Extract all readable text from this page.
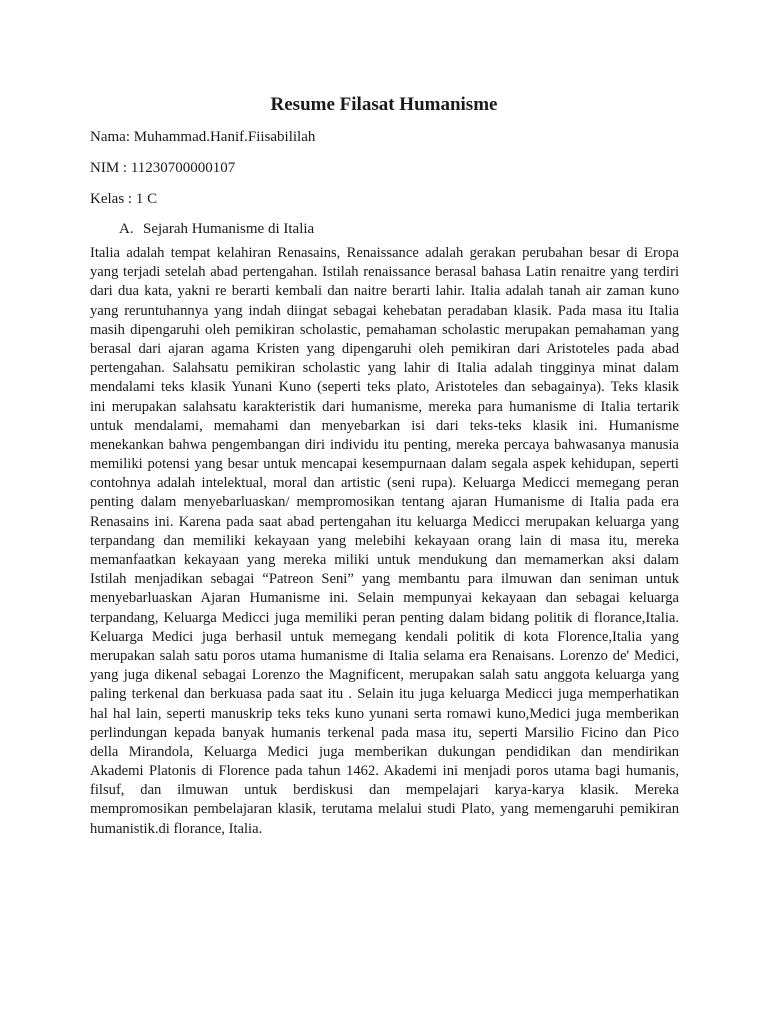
Resume Filasat Humanisme
Nama: Muhammad.Hanif.Fiisabililah
NIM : 11230700000107
Kelas : 1 C
A. Sejarah Humanisme di Italia
Italia adalah tempat kelahiran Renasains, Renaissance adalah gerakan perubahan besar di Eropa
yang terjadi setelah abad pertengahan. Istilah renaissance berasal bahasa Latin renaitre yang terdiri
dari dua kata, yakni re berarti kembali dan naitre berarti lahir. Italia adalah tanah air zaman kuno
yang reruntuhannya yang indah diingat sebagai kehebatan peradaban klasik. Pada masa itu Italia
masih dipengaruhi oleh pemikiran scholastic, pemahaman scholastic merupakan pemahaman yang
berasal dari ajaran agama Kristen yang dipengaruhi oleh pemikiran dari Aristoteles pada abad
pertengahan. Salahsatu pemikiran scholastic yang lahir di Italia adalah tingginya minat dalam
mendalami teks klasik Yunani Kuno (seperti teks plato, Aristoteles dan sebagainya). Teks klasik
ini merupakan salahsatu karakteristik dari humanisme, mereka para humanisme di Italia tertarik
untuk mendalami, memahami dan menyebarkan isi dari teks-teks klasik ini. Humanisme
menekankan bahwa pengembangan diri individu itu penting, mereka percaya bahwasanya manusia
memiliki potensi yang besar untuk mencapai kesempurnaan dalam segala aspek kehidupan, seperti
contohnya adalah intelektual, moral dan artistic (seni rupa). Keluarga Medicci memegang peran
penting dalam menyebarluaskan/ mempromosikan tentang ajaran Humanisme di Italia pada era
Renasains ini. Karena pada saat abad pertengahan itu keluarga Medicci merupakan keluarga yang
terpandang dan memiliki kekayaan yang melebihi kekayaan orang lain di masa itu, mereka
memanfaatkan kekayaan yang mereka miliki untuk mendukung dan memamerkan aksi dalam
Istilah menjadikan sebagai “Patreon Seni” yang membantu para ilmuwan dan seniman untuk
menyebarluaskan Ajaran Humanisme ini. Selain mempunyai kekayaan dan sebagai keluarga
terpandang, Keluarga Medicci juga memiliki peran penting dalam bidang politik di florance,Italia.
Keluarga Medici juga berhasil untuk memegang kendali politik di kota Florence,Italia yang
merupakan salah satu poros utama humanisme di Italia selama era Renaisans. Lorenzo de' Medici,
yang juga dikenal sebagai Lorenzo the Magnificent, merupakan salah satu anggota keluarga yang
paling terkenal dan berkuasa pada saat itu . Selain itu juga keluarga Medicci juga memperhatikan
hal hal lain, seperti manuskrip teks teks kuno yunani serta romawi kuno,Medici juga memberikan
perlindungan kepada banyak humanis terkenal pada masa itu, seperti Marsilio Ficino dan Pico
della Mirandola, Keluarga Medici juga memberikan dukungan pendidikan dan mendirikan
Akademi Platonis di Florence pada tahun 1462. Akademi ini menjadi poros utama bagi humanis,
filsuf, dan ilmuwan untuk berdiskusi dan mempelajari karya-karya klasik. Mereka
mempromosikan pembelajaran klasik, terutama melalui studi Plato, yang memengaruhi pemikiran
humanistik.di florance, Italia.
